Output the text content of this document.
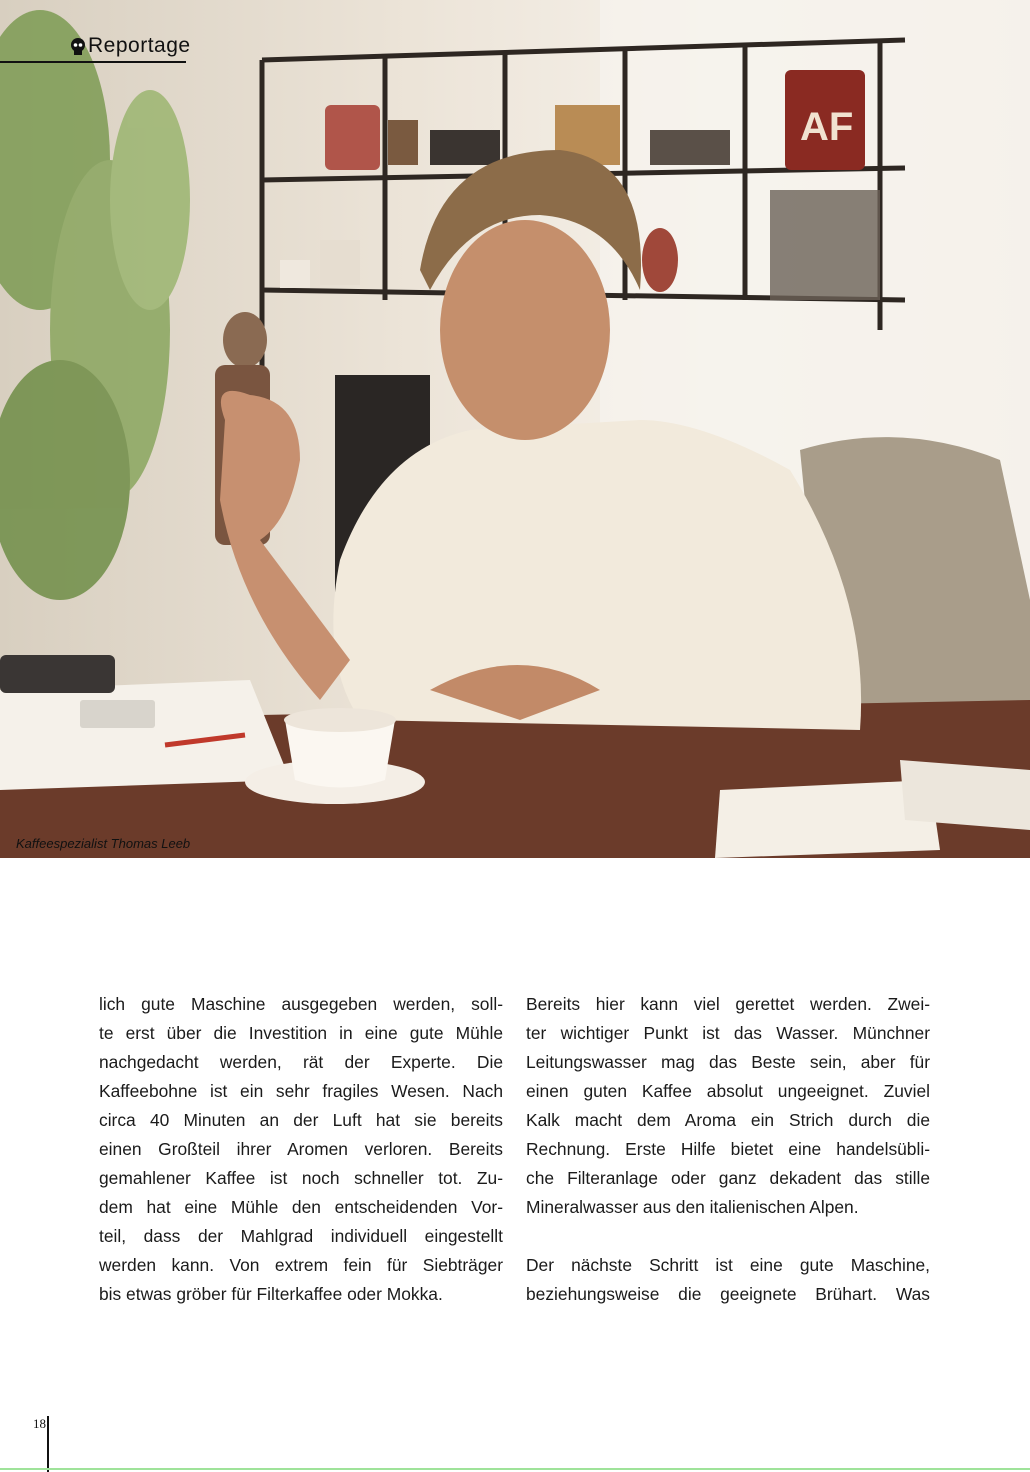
AF
Kaffeespezialist Thomas Leeb
Reportage
lich gute Maschine ausgegeben werden, soll-
te erst über die Investition in eine gute Mühle
nachgedacht werden, rät der Experte. Die
Kaffeebohne ist ein sehr fragiles Wesen. Nach
circa 40 Minuten an der Luft hat sie bereits
einen Großteil ihrer Aromen verloren. Bereits
gemahlener Kaffee ist noch schneller tot. Zu-
dem hat eine Mühle den entscheidenden Vor-
teil, dass der Mahlgrad individuell eingestellt
werden kann. Von extrem fein für Siebträger
bis etwas gröber für Filterkaffee oder Mokka.
Bereits hier kann viel gerettet werden. Zwei-
ter wichtiger Punkt ist das Wasser. Münchner
Leitungswasser mag das Beste sein, aber für
einen guten Kaffee absolut ungeeignet. Zuviel
Kalk macht dem Aroma ein Strich durch die
Rechnung. Erste Hilfe bietet eine handelsübli-
che Filteranlage oder ganz dekadent das stille
Mineralwasser aus den italienischen Alpen.
Der nächste Schritt ist eine gute Maschine,
beziehungsweise die geeignete Brühart. Was
18
